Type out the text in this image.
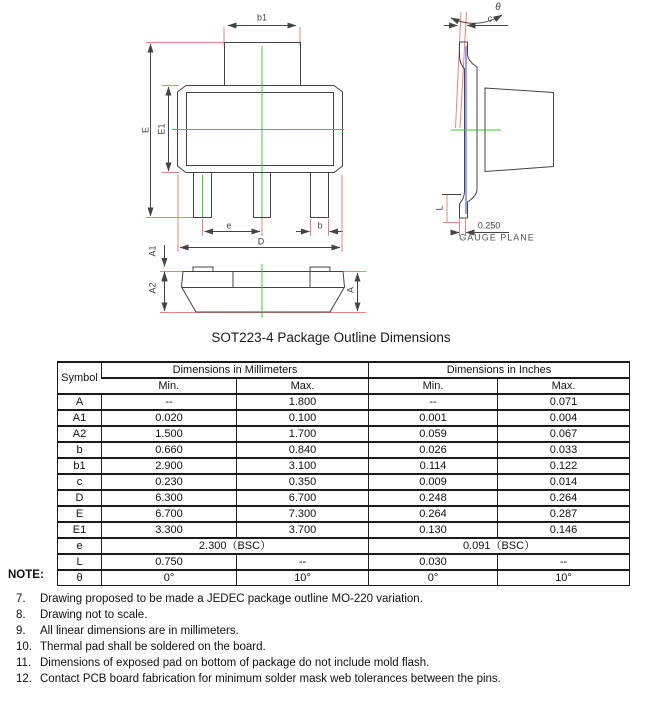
b1
E E1
e	b
D
A1
A2	A
θ
c
L
0.250
GAUGE PLANE
SOT223-4 Package Outline Dimensions
Symbol	Dimensions in Millimeters		Dimensions in Inches	
	Min.	Max.	Min.	Max.
A	--	1.800	--	0.071
A1	0.020	0.100	0.001	0.004
A2	1.500	1.700	0.059	0.067
b	0.660	0.840	0.026	0.033
b1	2.900	3.100	0.114	0.122
c	0.230	0.350	0.009	0.014
D	6.300	6.700	0.248	0.264
E	6.700	7.300	0.264	0.287
E1	3.300	3.700	0.130	0.146
e	2.300（BSC）		0.091（BSC）	
L	0.750	--	0.030	--
θ	0°	10°	0°	10°
NOTE:
7. Drawing proposed to be made a JEDEC package outline MO-220 variation.
8. Drawing not to scale.
9. All linear dimensions are in millimeters.
10. Thermal pad shall be soldered on the board.
11. Dimensions of exposed pad on bottom of package do not include mold flash.
12. Contact PCB board fabrication for minimum solder mask web tolerances between the pins.
